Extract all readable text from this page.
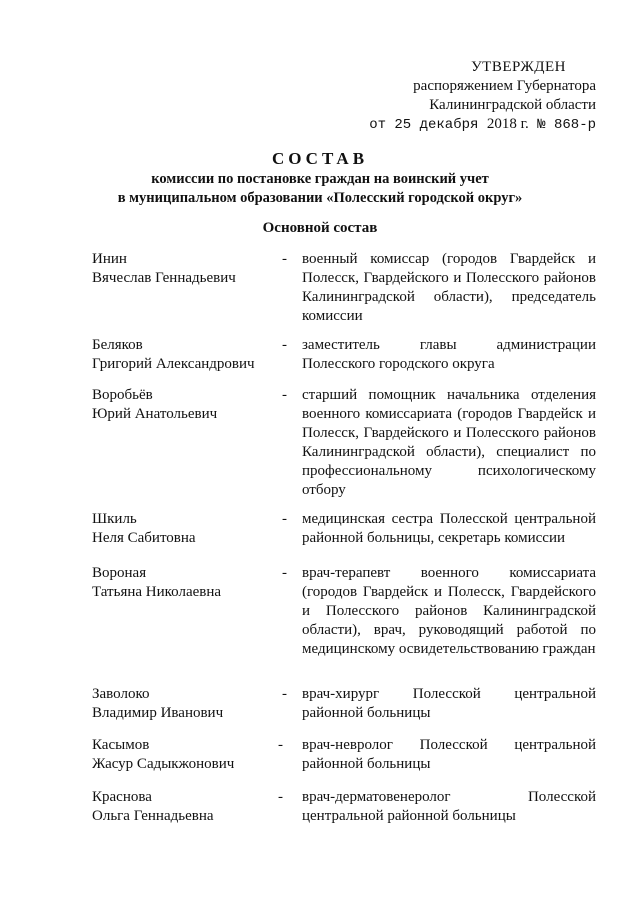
УТВЕРЖДЕН
распоряжением Губернатора
Калининградской области
от 25 декабря 2018 г. № 868-р
СОСТАВ
комиссии по постановке граждан на воинский учет
в муниципальном образовании «Полесский городской округ»
Основной состав
Инин
Вячеслав Геннадьевич
-	военный комиссар (городов Гвардейск и Полесск, Гвардейского и Полесского районов Калининградской области), председатель комиссии
Беляков
Григорий Александрович
-	заместитель главы администрации Полесского городского округа
Воробьёв
Юрий Анатольевич
-	старший помощник начальника отделения военного комиссариата (городов Гвардейск и Полесск, Гвардейского и Полесского районов Калининградской области), специалист по профессиональному психологическому отбору
Шкиль
Неля Сабитовна
-	медицинская сестра Полесской центральной районной больницы, секретарь комиссии
Вороная
Татьяна Николаевна
-	врач-терапевт военного комиссариата (городов Гвардейск и Полесск, Гвардейского и Полесского районов Калининградской области), врач, руководящий работой по медицинскому освидетельствованию граждан
Заволоко
Владимир Иванович
-	врач-хирург Полесской центральной районной больницы
Касымов
Жасур Садыкжонович
-	врач-невролог Полесской центральной районной больницы
Краснова
Ольга Геннадьевна
-	врач-дерматовенеролог Полесской центральной районной больницы
